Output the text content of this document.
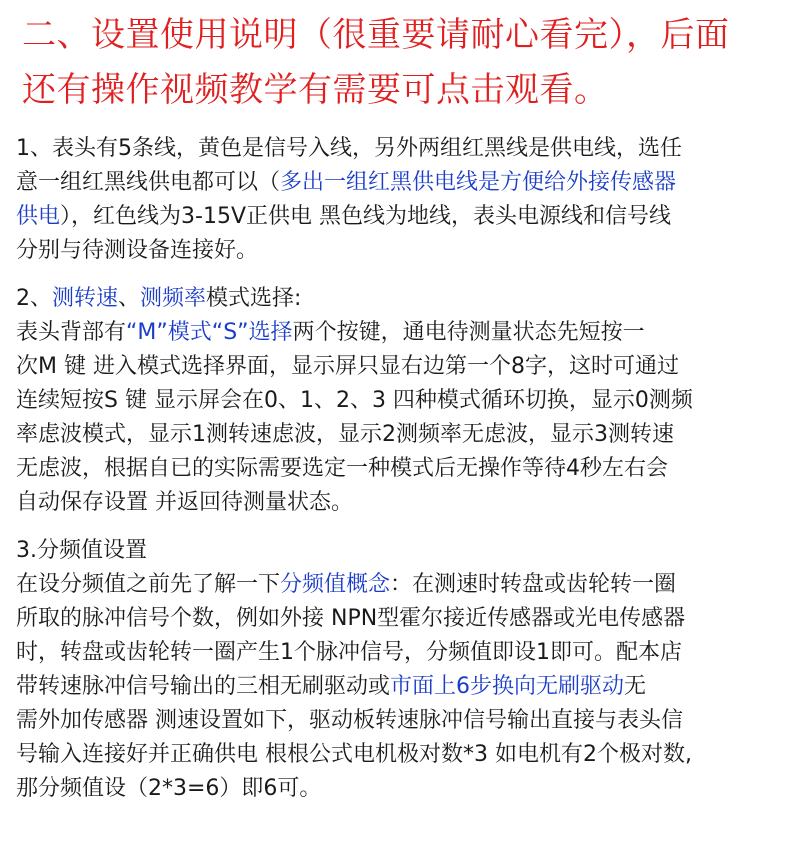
二、设置使用说明（很重要请耐心看完），后面
还有操作视频教学有需要可点击观看。
1、表头有5条线，黄色是信号入线，另外两组红黑线是供电线，选任
意一组红黑线供电都可以（多出一组红黑供电线是方便给外接传感器
供电），红色线为3-15V正供电 黑色线为地线，表头电源线和信号线
分别与待测设备连接好。
2、测转速、测频率模式选择:
表头背部有“M”模式“S”选择两个按键，通电待测量状态先短按一
次M 键 进入模式选择界面，显示屏只显右边第一个8字，这时可通过
连续短按S 键 显示屏会在0、1、2、3 四种模式循环切换，显示0测频
率虑波模式，显示1测转速虑波，显示2测频率无虑波，显示3测转速
无虑波，根据自已的实际需要选定一种模式后无操作等待4秒左右会
自动保存设置 并返回待测量状态。
3.分频值设置
在设分频值之前先了解一下分频值概念：在测速时转盘或齿轮转一圈
所取的脉冲信号个数，例如外接 NPN型霍尔接近传感器或光电传感器
时，转盘或齿轮转一圈产生1个脉冲信号，分频值即设1即可。配本店
带转速脉冲信号输出的三相无刷驱动或市面上6步换向无刷驱动无
需外加传感器 测速设置如下，驱动板转速脉冲信号输出直接与表头信
号输入连接好并正确供电 根根公式电机极对数*3 如电机有2个极对数,
那分频值设（2*3=6）即6可。
